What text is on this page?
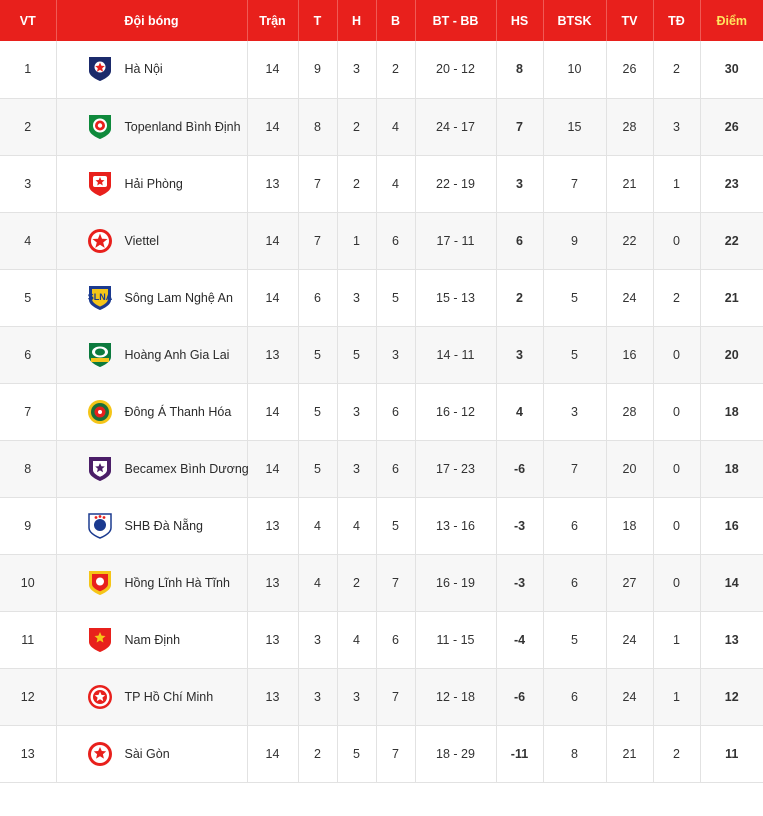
VT	Đội bóng	Trận	T	H	B	BT - BB	HS	BTSK	TV	TĐ	Điểm
1	Hà Nội	14	9	3	2	20 - 12	8	10	26	2	30
2	Topenland Bình Định	14	8	2	4	24 - 17	7	15	28	3	26
3	Hải Phòng	13	7	2	4	22 - 19	3	7	21	1	23
4	Viettel	14	7	1	6	17 - 11	6	9	22	0	22
5	SLNA Sông Lam Nghệ An	14	6	3	5	15 - 13	2	5	24	2	21
6	Hoàng Anh Gia Lai	13	5	5	3	14 - 11	3	5	16	0	20
7	Đông Á Thanh Hóa	14	5	3	6	16 - 12	4	3	28	0	18
8	Becamex Bình Dương	14	5	3	6	17 - 23	-6	7	20	0	18
9	SHB Đà Nẵng	13	4	4	5	13 - 16	-3	6	18	0	16
10	Hồng Lĩnh Hà Tĩnh	13	4	2	7	16 - 19	-3	6	27	0	14
11	Nam Định	13	3	4	6	11 - 15	-4	5	24	1	13
12	TP Hồ Chí Minh	13	3	3	7	12 - 18	-6	6	24	1	12
13	Sài Gòn	14	2	5	7	18 - 29	-11	8	21	2	11
